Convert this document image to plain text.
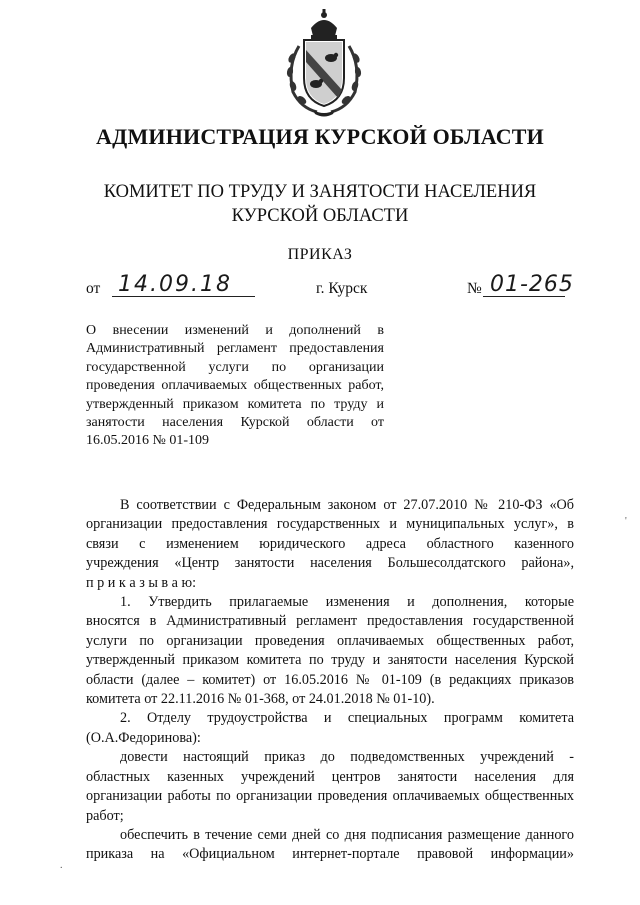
АДМИНИСТРАЦИЯ КУРСКОЙ ОБЛАСТИ
КОМИТЕТ ПО ТРУДУ И ЗАНЯТОСТИ НАСЕЛЕНИЯ
КУРСКОЙ ОБЛАСТИ
ПРИКАЗ
от 14.09.18	г. Курск	№ 01-265
О внесении изменений и дополнений в
Административный регламент предоставления
государственной услуги по организации
проведения оплачиваемых общественных работ,
утвержденный приказом комитета по труду и
занятости населения Курской области от
16.05.2016 № 01-109
В соответствии с Федеральным законом от 27.07.2010 № 210-ФЗ «Об
организации предоставления государственных и муниципальных услуг», в
связи с изменением юридического адреса областного казенного
учреждения «Центр занятости населения Большесолдатского района»,
п р и к а з ы в а ю:
1. Утвердить прилагаемые изменения и дополнения, которые
вносятся в Административный регламент предоставления государственной
услуги по организации проведения оплачиваемых общественных работ,
утвержденный приказом комитета по труду и занятости населения Курской
области (далее – комитет) от 16.05.2016 № 01-109 (в редакциях приказов
комитета от 22.11.2016 № 01-368, от 24.01.2018 № 01-10).
2. Отделу трудоустройства и специальных программ комитета
(О.А.Федоринова):
довести настоящий приказ до подведомственных учреждений -
областных казенных учреждений центров занятости населения для
организации работы по организации проведения оплачиваемых общественных
работ;
обеспечить в течение семи дней со дня подписания размещение данного
приказа на «Официальном интернет-портале правовой информации»
'
.
